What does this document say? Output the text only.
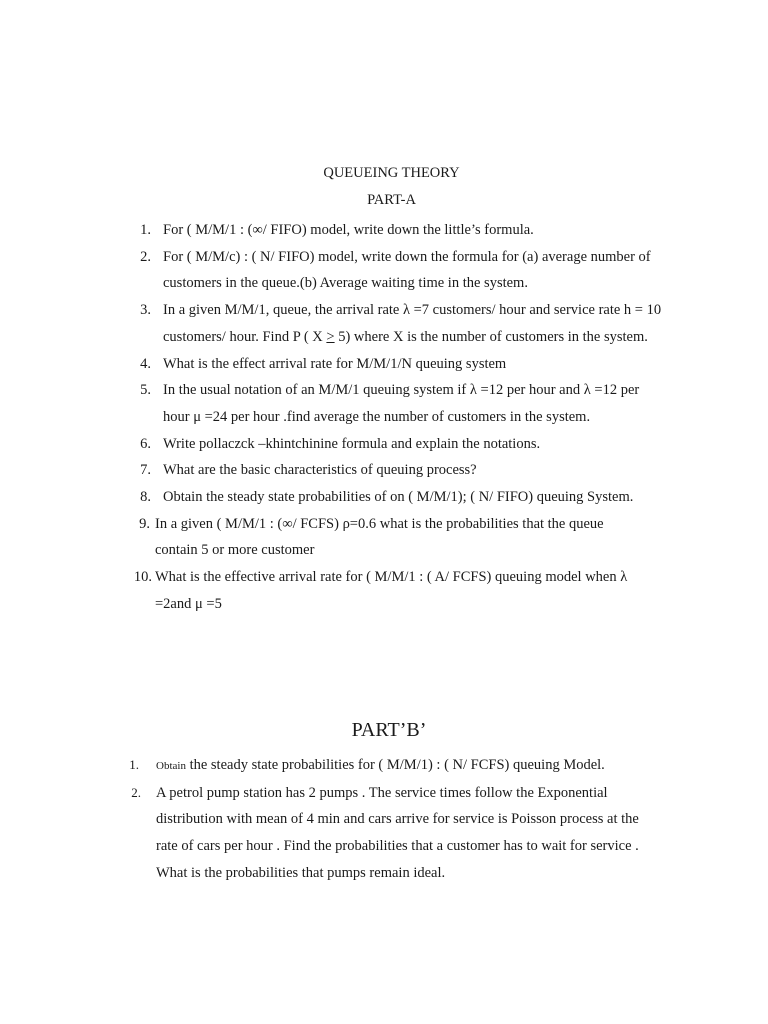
QUEUEING THEORY
PART-A
1. For ( M/M/1 : (∞/ FIFO) model, write down the little’s formula.
2. For ( M/M/c) : ( N/ FIFO) model, write down the formula for (a) average number of customers in the queue.(b) Average waiting time in the system.
3. In a given M/M/1, queue, the arrival rate λ =7 customers/ hour and service rate h = 10 customers/ hour. Find P ( X ≥ 5) where X is the number of customers in the system.
4. What is the effect arrival rate for M/M/1/N queuing system
5. In the usual notation of an M/M/1 queuing system if λ =12 per hour and λ =12 per hour μ =24 per hour .find average the number of customers in the system.
6. Write pollaczck –khintchinine formula and explain the notations.
7. What are the basic characteristics of queuing process?
8. Obtain the steady state probabilities of on ( M/M/1); ( N/ FIFO) queuing System.
9. In a given ( M/M/1 : (∞/ FCFS) ρ=0.6 what is the probabilities that the queue contain 5 or more customer
10. What is the effective arrival rate for ( M/M/1 : ( A/ FCFS) queuing model when λ =2and μ =5
PART’B’
1. Obtain the steady state probabilities for ( M/M/1) : ( N/ FCFS) queuing Model.
2. A petrol pump station has 2 pumps . The service times follow the Exponential distribution with mean of 4 min and cars arrive for service is Poisson process at the rate of cars per hour . Find the probabilities that a customer has to wait for service . What is the probabilities that pumps remain ideal.
